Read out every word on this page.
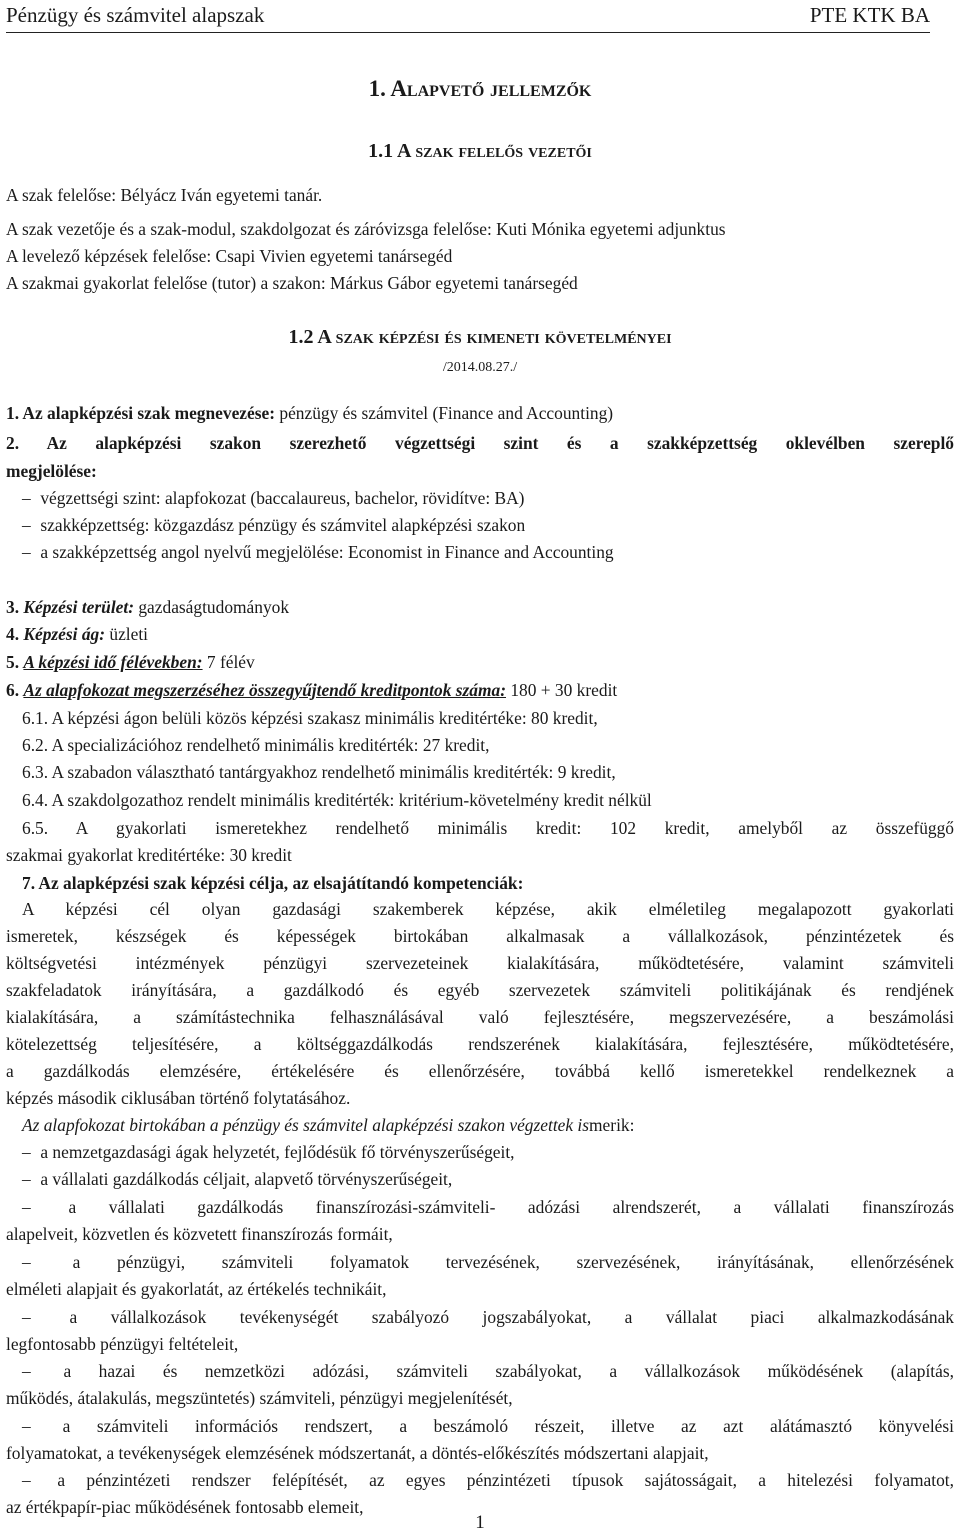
Pénzügy és számvitel alapszak	PTE KTK BA
1. Alapvető jellemzők
1.1 A szak felelős vezetői
A szak felelőse: Bélyácz Iván egyetemi tanár.
A szak vezetője és a szak-modul, szakdolgozat és záróvizsga felelőse: Kuti Mónika egyetemi adjunktus
A levelező képzések felelőse: Csapi Vivien egyetemi tanársegéd
A szakmai gyakorlat felelőse (tutor) a szakon: Márkus Gábor egyetemi tanársegéd
1.2 A szak képzési és kimeneti követelményei
/2014.08.27./
1. Az alapképzési szak megnevezése: pénzügy és számvitel (Finance and Accounting)
2. Az alapképzési szakon szerezhető végzettségi szint és a szakképzettség oklevélben szereplő
megjelölése:
– végzettségi szint: alapfokozat (baccalaureus, bachelor, rövidítve: BA)
– szakképzettség: közgazdász pénzügy és számvitel alapképzési szakon
– a szakképzettség angol nyelvű megjelölése: Economist in Finance and Accounting
3. Képzési terület: gazdaságtudományok
4. Képzési ág: üzleti
5. A képzési idő félévekben: 7 félév
6. Az alapfokozat megszerzéséhez összegyűjtendő kreditpontok száma: 180 + 30 kredit
6.1. A képzési ágon belüli közös képzési szakasz minimális kreditértéke: 80 kredit,
6.2. A specializációhoz rendelhető minimális kreditérték: 27 kredit,
6.3. A szabadon választható tantárgyakhoz rendelhető minimális kreditérték: 9 kredit,
6.4. A szakdolgozathoz rendelt minimális kreditérték: kritérium-követelmény kredit nélkül
6.5. A gyakorlati ismeretekhez rendelhető minimális kredit: 102 kredit, amelyből az összefüggő
szakmai gyakorlat kreditértéke: 30 kredit
7. Az alapképzési szak képzési célja, az elsajátítandó kompetenciák:
A képzési cél olyan gazdasági szakemberek képzése, akik elméletileg megalapozott gyakorlati
ismeretek, készségek és képességek birtokában alkalmasak a vállalkozások, pénzintézetek és
költségvetési intézmények pénzügyi szervezeteinek kialakítására, működtetésére, valamint számviteli
szakfeladatok irányítására, a gazdálkodó és egyéb szervezetek számviteli politikájának és rendjének
kialakítására, a számítástechnika felhasználásával való fejlesztésére, megszervezésére, a beszámolási
kötelezettség teljesítésére, a költséggazdálkodás rendszerének kialakítására, fejlesztésére, működtetésére,
a gazdálkodás elemzésére, értékelésére és ellenőrzésére, továbbá kellő ismeretekkel rendelkeznek a
képzés második ciklusában történő folytatásához.
Az alapfokozat birtokában a pénzügy és számvitel alapképzési szakon végzettek ismerik:
– a nemzetgazdasági ágak helyzetét, fejlődésük fő törvényszerűségeit,
– a vállalati gazdálkodás céljait, alapvető törvényszerűségeit,
– a vállalati gazdálkodás finanszírozási-számviteli- adózási alrendszerét, a vállalati finanszírozás
alapelveit, közvetlen és közvetett finanszírozás formáit,
– a pénzügyi, számviteli folyamatok tervezésének, szervezésének, irányításának, ellenőrzésének
elméleti alapjait és gyakorlatát, az értékelés technikáit,
– a vállalkozások tevékenységét szabályozó jogszabályokat, a vállalat piaci alkalmazkodásának
legfontosabb pénzügyi feltételeit,
– a hazai és nemzetközi adózási, számviteli szabályokat, a vállalkozások működésének (alapítás,
működés, átalakulás, megszüntetés) számviteli, pénzügyi megjelenítését,
– a számviteli információs rendszert, a beszámoló részeit, illetve az azt alátámasztó könyvelési
folyamatokat, a tevékenységek elemzésének módszertanát, a döntés-előkészítés módszertani alapjait,
– a pénzintézeti rendszer felépítését, az egyes pénzintézeti típusok sajátosságait, a hitelezési folyamatot,
az értékpapír-piac működésének fontosabb elemeit,
1
